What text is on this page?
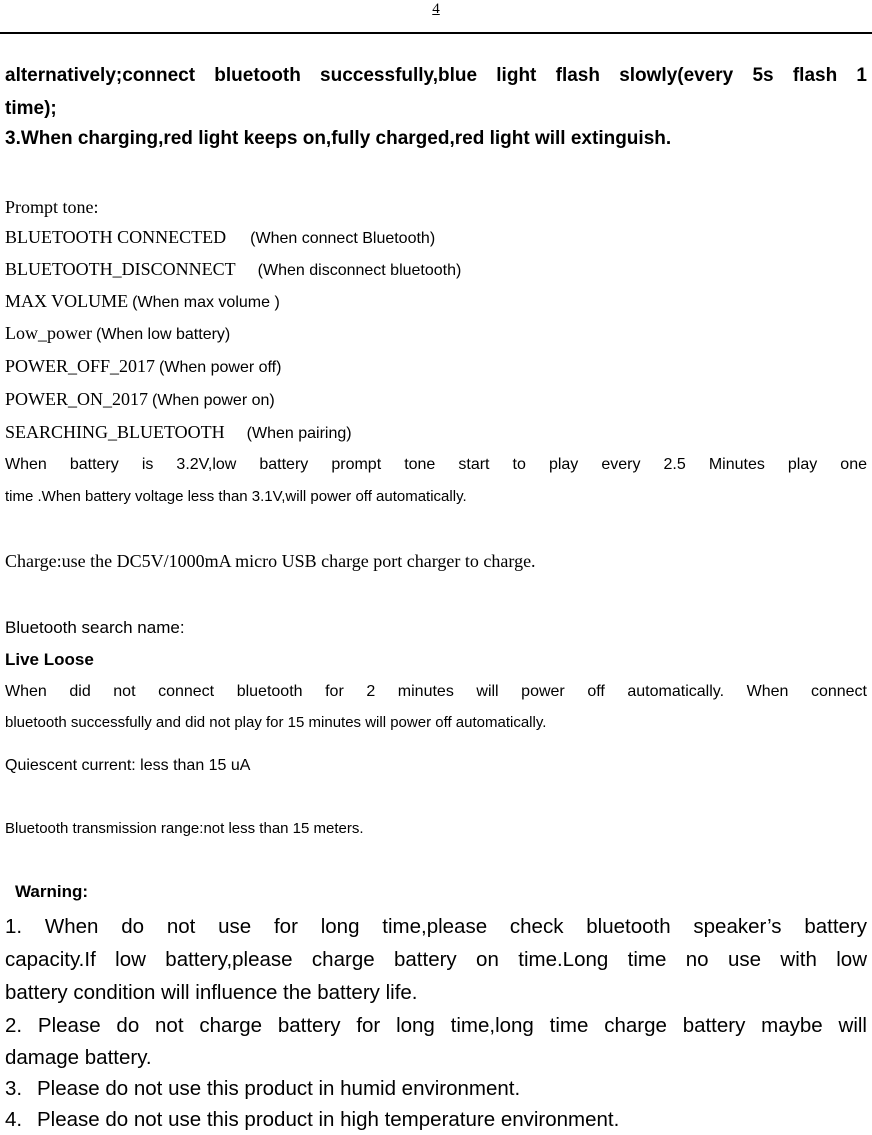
4
alternatively;connect bluetooth successfully,blue light flash slowly(every 5s flash 1
time);
3.When charging,red light keeps on,fully charged,red light will extinguish.
Prompt tone:
BLUETOOTH CONNECTED (When connect Bluetooth)
BLUETOOTH_DISCONNECT (When disconnect bluetooth)
MAX VOLUME (When max volume )
Low_power (When low battery)
POWER_OFF_2017 (When power off)
POWER_ON_2017 (When power on)
SEARCHING_BLUETOOTH (When pairing)
When battery is 3.2V,low battery prompt tone start to play every 2.5 Minutes play one
time .When battery voltage less than 3.1V,will power off automatically.
Charge:use the DC5V/1000mA micro USB charge port charger to charge.
Bluetooth search name:
Live Loose
When did not connect bluetooth for 2 minutes will power off automatically. When connect
bluetooth successfully and did not play for 15 minutes will power off automatically.
Quiescent current: less than 15 uA
Bluetooth transmission range:not less than 15 meters.
Warning:
1. When do not use for long time,please check bluetooth speaker’s battery
capacity.If low battery,please charge battery on time.Long time no use with low
battery condition will influence the battery life.
2. Please do not charge battery for long time,long time charge battery maybe will
damage battery.
3. Please do not use this product in humid environment.
4. Please do not use this product in high temperature environment.
